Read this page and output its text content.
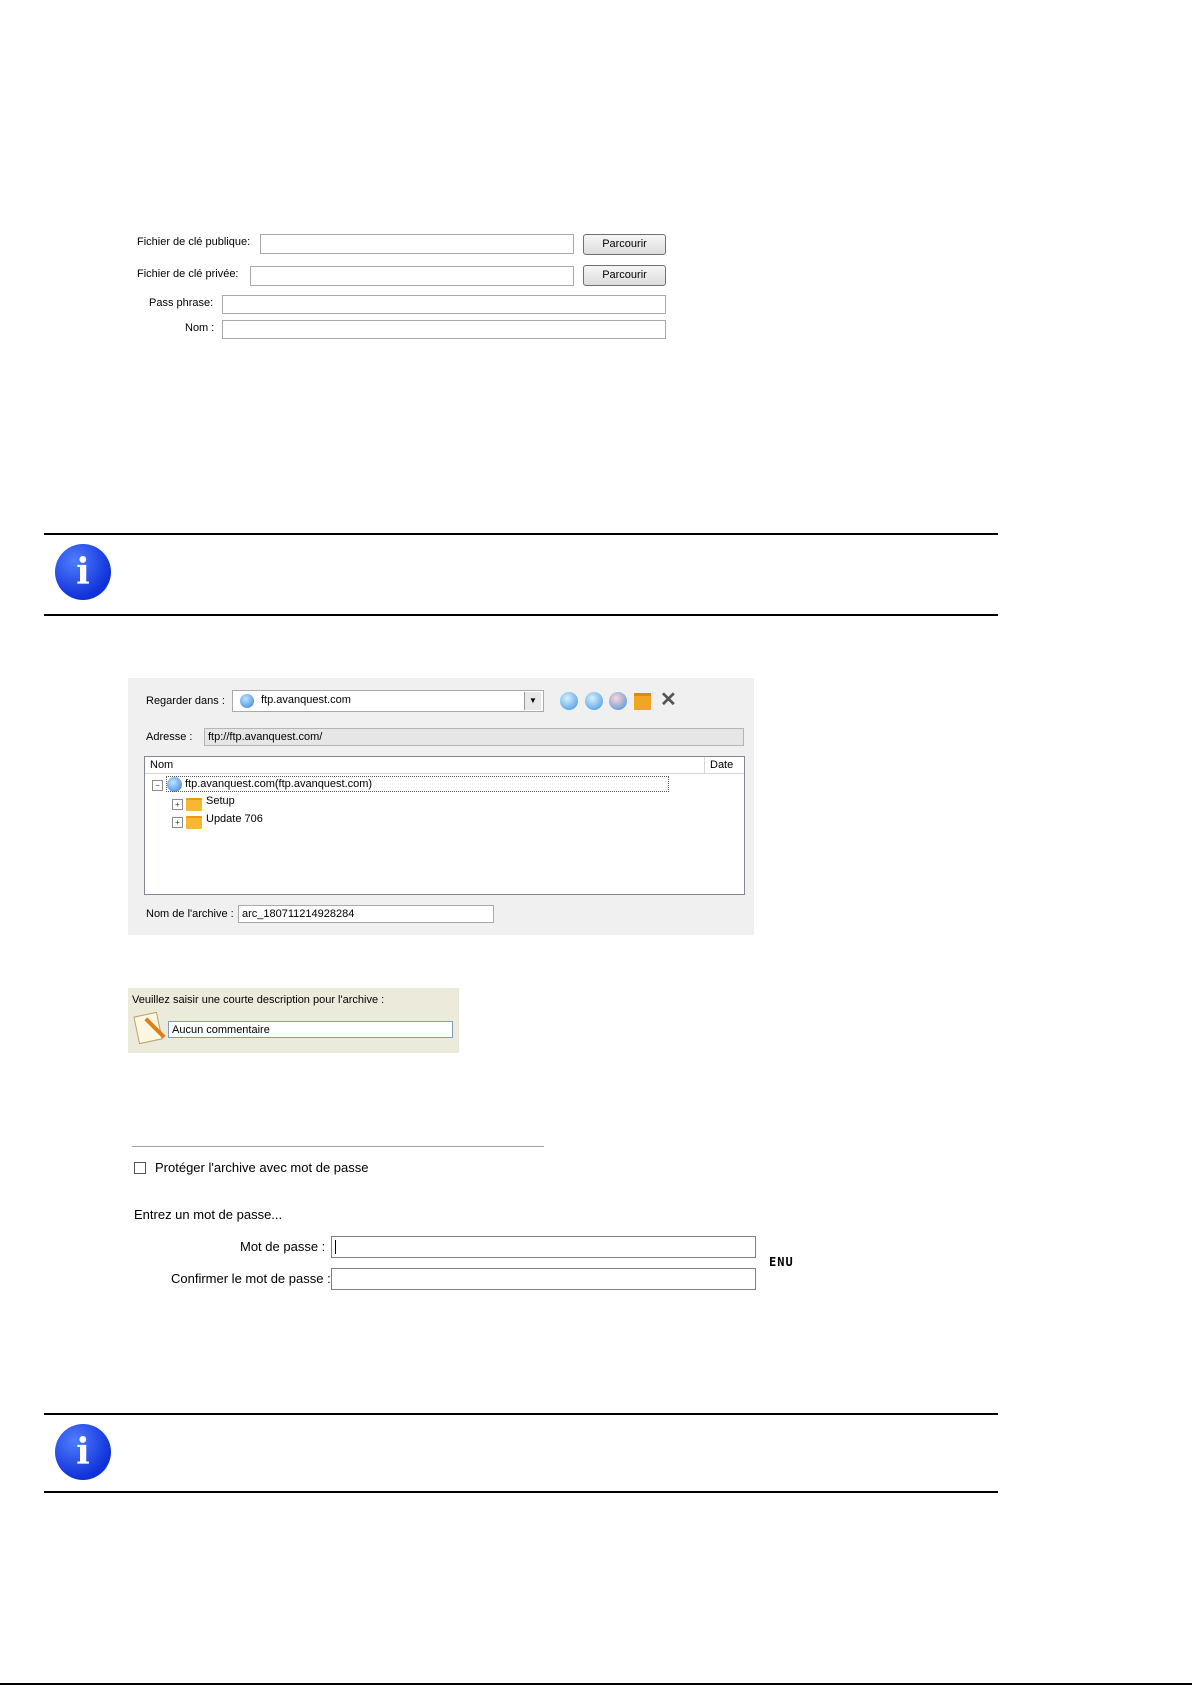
Fichier de clé publique:	Parcourir
Fichier de clé privée:	Parcourir
Pass phrase:
Nom :
i
Regarder dans :	ftp.avanquest.com	▼	✕
Adresse :	ftp://ftp.avanquest.com/
Nom	Date
−	ftp.avanquest.com(ftp.avanquest.com)
+ Setup
+ Update 706
Nom de l'archive : arc_180711214928284
Veuillez saisir une courte description pour l'archive :
Aucun commentaire
Protéger l'archive avec mot de passe
Entrez un mot de passe...
Mot de passe :
ENU
Confirmer le mot de passe :
i
